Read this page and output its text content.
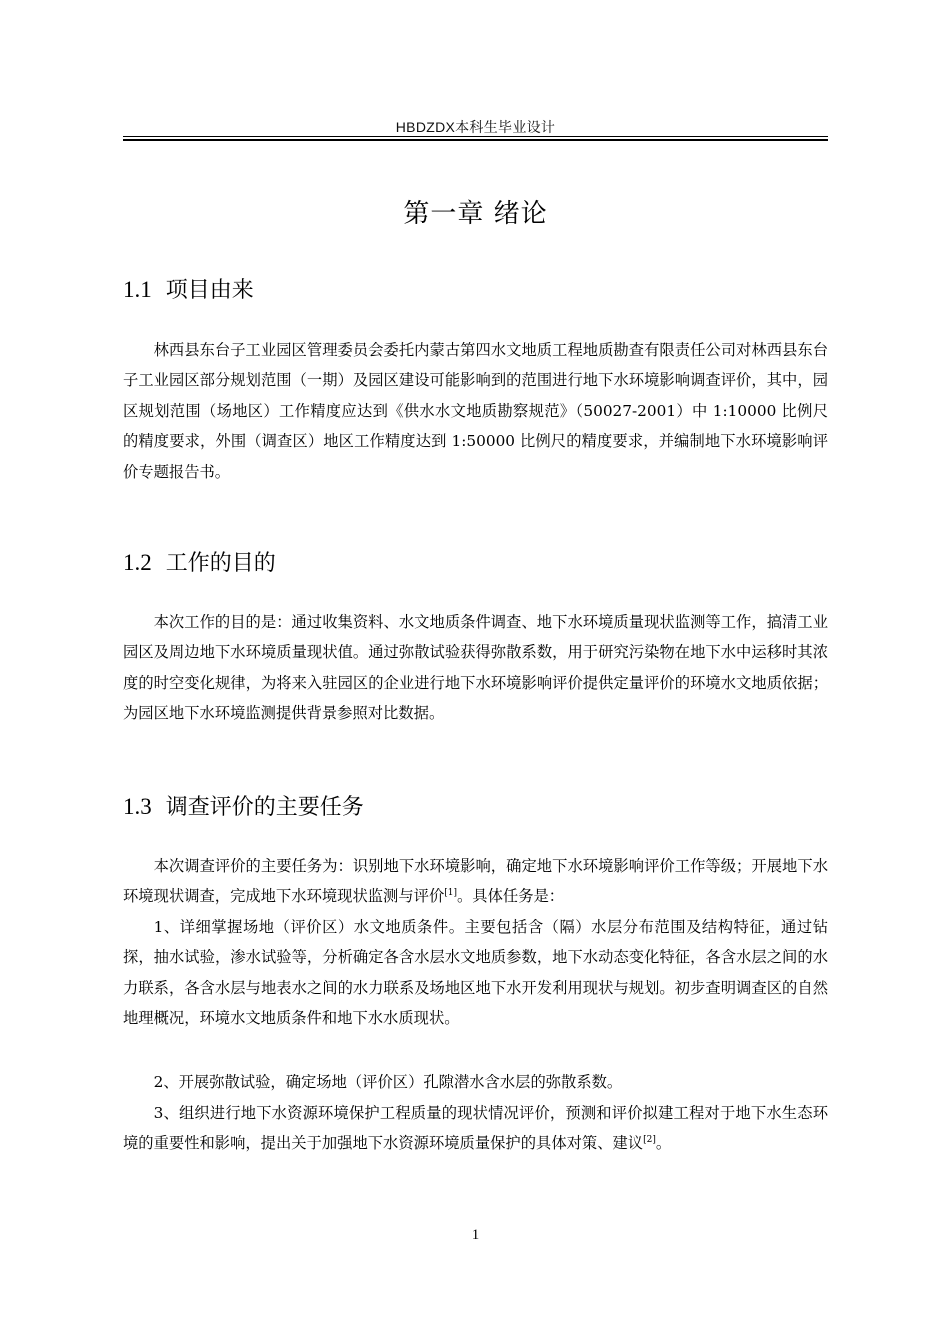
HBDZDX本科生毕业设计
第一章 绪论
1.1 项目由来

林西县东台子工业园区管理委员会委托内蒙古第四水文地质工程地质勘查有限责任公司对林西县东台子工业园区部分规划范围（一期）及园区建设可能影响到的范围进行地下水环境影响调查评价，其中，园区规划范围（场地区）工作精度应达到《供水水文地质勘察规范》（50027-2001）中 1:10000 比例尺的精度要求，外围（调查区）地区工作精度达到 1:50000 比例尺的精度要求，并编制地下水环境影响评价专题报告书。

1.2 工作的目的

本次工作的目的是：通过收集资料、水文地质条件调查、地下水环境质量现状监测等工作，搞清工业园区及周边地下水环境质量现状值。通过弥散试验获得弥散系数，用于研究污染物在地下水中运移时其浓度的时空变化规律，为将来入驻园区的企业进行地下水环境影响评价提供定量评价的环境水文地质依据；为园区地下水环境监测提供背景参照对比数据。

1.3 调查评价的主要任务

本次调查评价的主要任务为：识别地下水环境影响，确定地下水环境影响评价工作等级；开展地下水环境现状调查，完成地下水环境现状监测与评价[1]。具体任务是：

1、详细掌握场地（评价区）水文地质条件。主要包括含（隔）水层分布范围及结构特征，通过钻探，抽水试验，渗水试验等，分析确定各含水层水文地质参数，地下水动态变化特征，各含水层之间的水力联系，各含水层与地表水之间的水力联系及场地区地下水开发利用现状与规划。初步查明调查区的自然地理概况，环境水文地质条件和地下水水质现状。

2、开展弥散试验，确定场地（评价区）孔隙潜水含水层的弥散系数。

3、组织进行地下水资源环境保护工程质量的现状情况评价，预测和评价拟建工程对于地下水生态环境的重要性和影响，提出关于加强地下水资源环境质量保护的具体对策、建议[2]。

1
